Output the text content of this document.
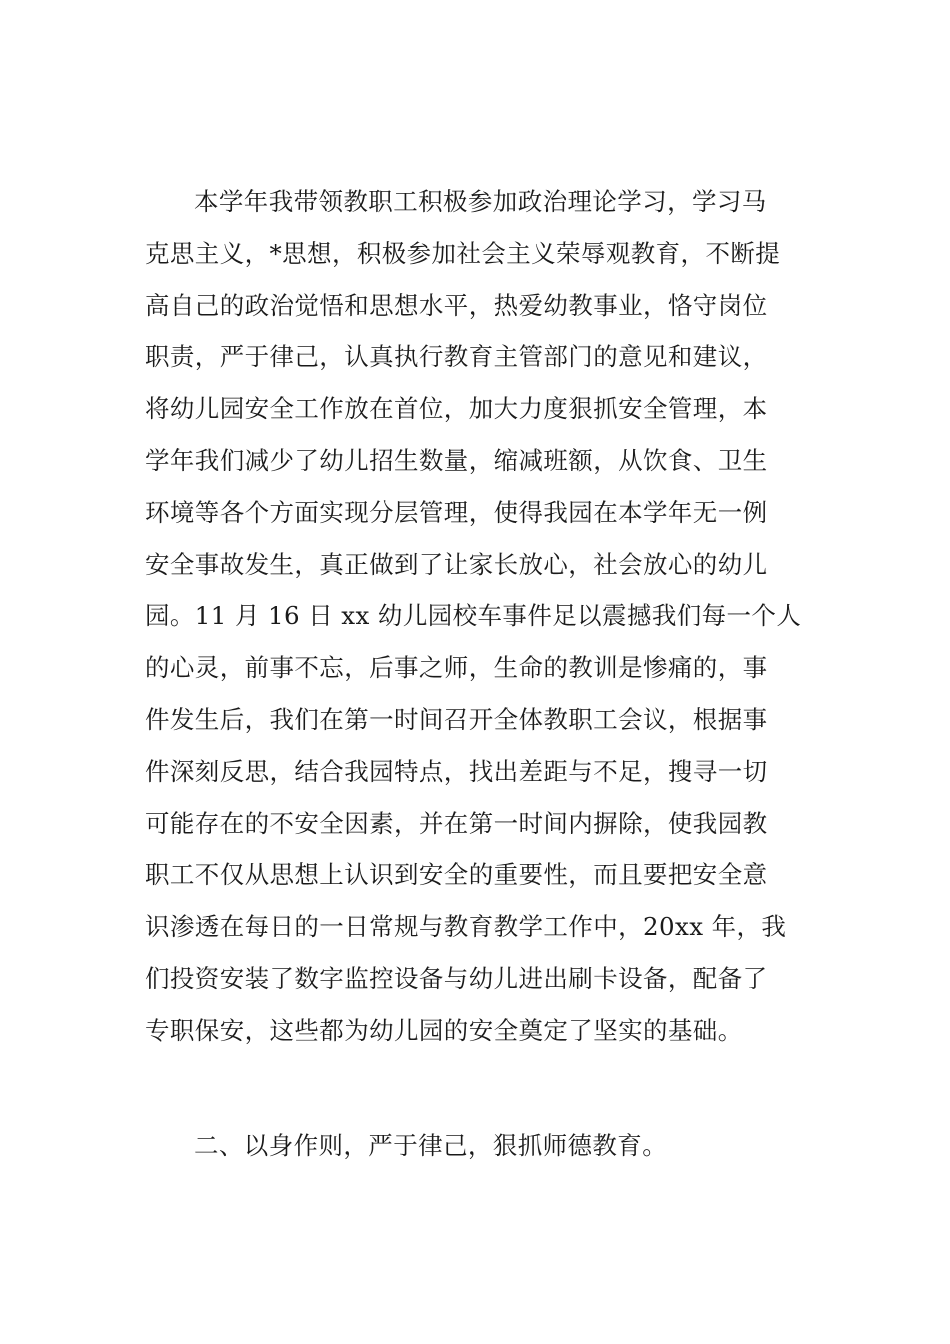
本学年我带领教职工积极参加政治理论学习，学习马
克思主义，*思想，积极参加社会主义荣辱观教育，不断提
高自己的政治觉悟和思想水平，热爱幼教事业，恪守岗位
职责，严于律己，认真执行教育主管部门的意见和建议，
将幼儿园安全工作放在首位，加大力度狠抓安全管理，本
学年我们减少了幼儿招生数量，缩减班额，从饮食、卫生
环境等各个方面实现分层管理，使得我园在本学年无一例
安全事故发生，真正做到了让家长放心，社会放心的幼儿
园。11 月 16 日 xx 幼儿园校车事件足以震撼我们每一个人
的心灵，前事不忘，后事之师，生命的教训是惨痛的，事
件发生后，我们在第一时间召开全体教职工会议，根据事
件深刻反思，结合我园特点，找出差距与不足，搜寻一切
可能存在的不安全因素，并在第一时间内摒除，使我园教
职工不仅从思想上认识到安全的重要性，而且要把安全意
识渗透在每日的一日常规与教育教学工作中，20xx 年，我
们投资安装了数字监控设备与幼儿进出刷卡设备，配备了
专职保安，这些都为幼儿园的安全奠定了坚实的基础。
二、以身作则，严于律己，狠抓师德教育。
